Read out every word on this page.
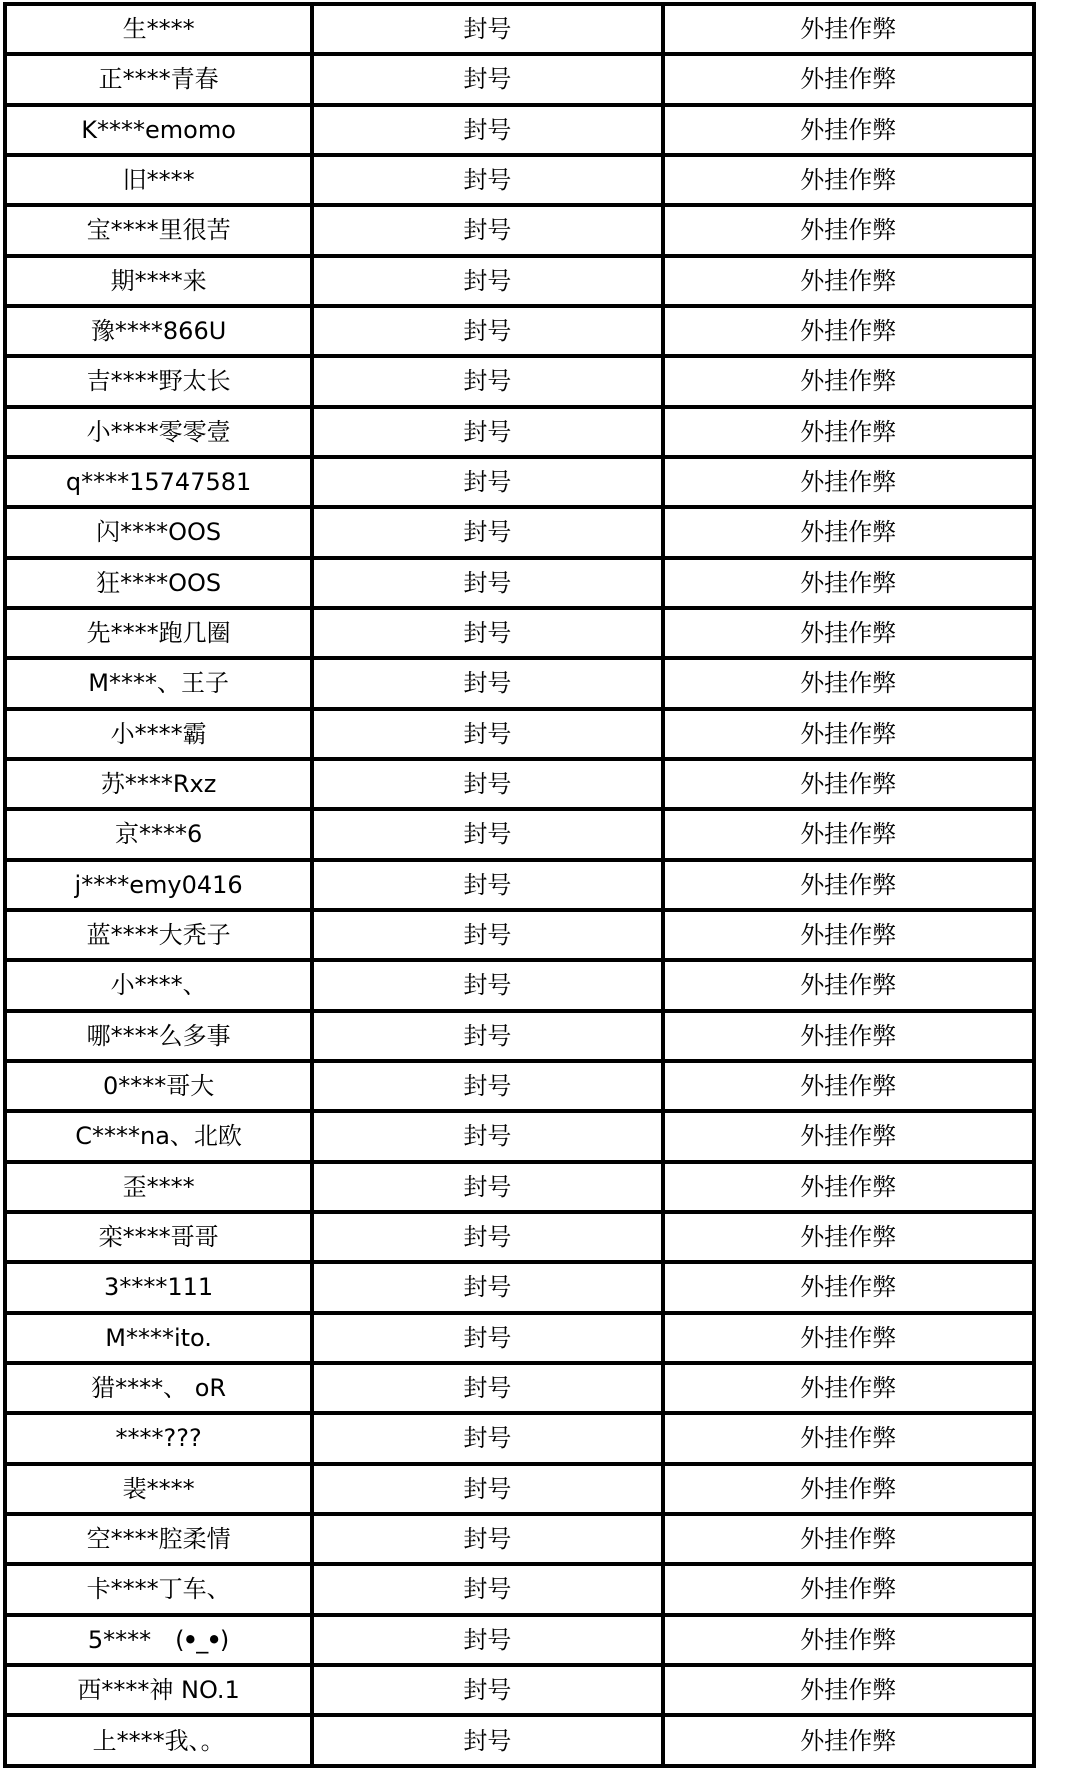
生****	封号	外挂作弊
正****青春	封号	外挂作弊
K****emomo	封号	外挂作弊
旧****	封号	外挂作弊
宝****里很苦	封号	外挂作弊
期****来	封号	外挂作弊
豫****866U	封号	外挂作弊
吉****野太长	封号	外挂作弊
小****零零壹	封号	外挂作弊
q****15747581	封号	外挂作弊
闪****OOS	封号	外挂作弊
狂****OOS	封号	外挂作弊
先****跑几圈	封号	外挂作弊
M****、王子	封号	外挂作弊
小****霸	封号	外挂作弊
苏****Rxz	封号	外挂作弊
京****6	封号	外挂作弊
j****emy0416	封号	外挂作弊
蓝****大秃子	封号	外挂作弊
小****、	封号	外挂作弊
哪****么多事	封号	外挂作弊
0****哥大	封号	外挂作弊
C****na、北欧	封号	外挂作弊
歪****	封号	外挂作弊
栾****哥哥	封号	外挂作弊
3****111	封号	外挂作弊
M****ito.	封号	外挂作弊
猎****、 oR	封号	外挂作弊
****???	封号	外挂作弊
裴****	封号	外挂作弊
空****腔柔情	封号	外挂作弊
卡****丁车、	封号	外挂作弊
5****　(ꔷ_ꔷ)	封号	外挂作弊
西****神 NO.1	封号	外挂作弊
上****我、。	封号	外挂作弊
